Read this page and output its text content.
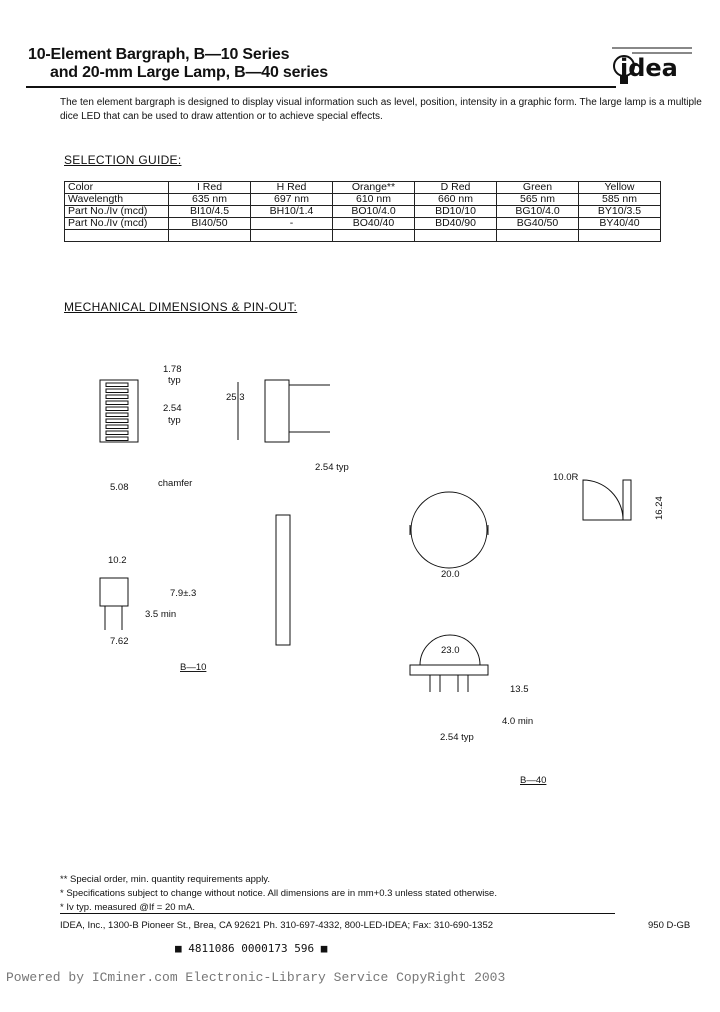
10-Element Bargraph, B—10 Series
and 20-mm Large Lamp, B—40 series	idea
The ten element bargraph is designed to display visual information such as level, position, intensity in a graphic form. The large lamp is a multiple dice LED that can be used to draw attention or to achieve special effects.
SELECTION GUIDE:
Color	I Red	H Red	Orange**	D Red	Green	Yellow
Wavelength	635 nm	697 nm	610 nm	660 nm	565 nm	585 nm
Part No./Iv (mcd)	BI10/4.5	BH10/1.4	BO10/4.0	BD10/10	BG10/4.0	BY10/3.5
Part No./Iv (mcd)	BI40/50	-	BO40/40	BD40/90	BG40/50	BY40/40

MECHANICAL DIMENSIONS & PIN-OUT:
1.78
typ
2.54
typ
chamfer
5.08
25.3
2.54 typ
10.2
7.9±.3
3.5 min
7.62
B—10
10.0R
16.24
20.0
23.0
13.5
4.0 min
2.54 typ
B—40
** Special order, min. quantity requirements apply.
* Specifications subject to change without notice. All dimensions are in mm+0.3 unless stated otherwise.
* Iv typ. measured @If = 20 mA.
IDEA, Inc., 1300-B Pioneer St., Brea, CA 92621 Ph. 310-697-4332, 800-LED-IDEA; Fax: 310-690-1352	950 D-GB
■ 4811086 0000173 596 ■
Powered by ICminer.com Electronic-Library Service CopyRight 2003
